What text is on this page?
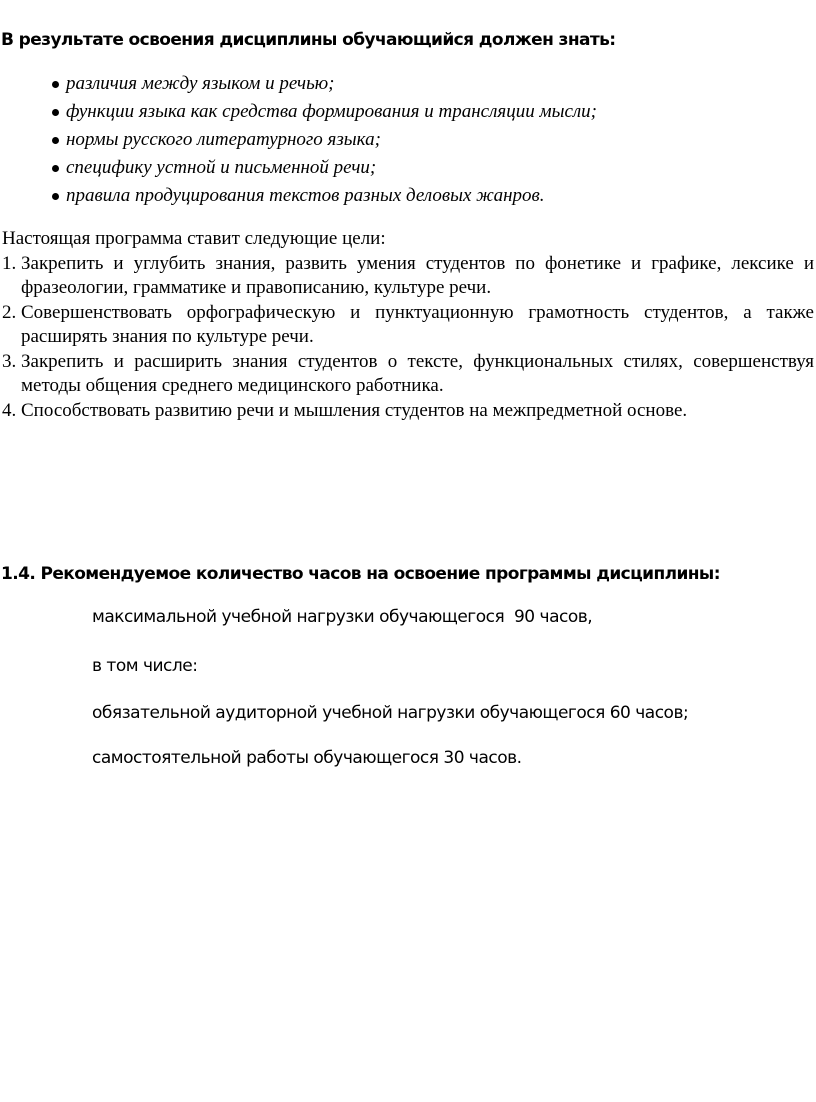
В результате освоения дисциплины обучающийся должен знать:
различия между языком и речью;
функции языка как средства формирования и трансляции мысли;
нормы русского литературного языка;
специфику устной и письменной речи;
правила продуцирования текстов разных деловых жанров.

Настоящая программа ставит следующие цели:

1. Закрепить и углубить знания, развить умения студентов по фонетике и графике, лексике и фразеологии, грамматике и правописанию, культуре речи.
2. Совершенствовать орфографическую и пунктуационную грамотность студентов, а также расширять знания по культуре речи.
3. Закрепить и расширить знания студентов о тексте, функциональных стилях, совершенствуя методы общения среднего медицинского работника.
4. Способствовать развитию речи и мышления студентов на межпредметной основе.
1.4. Рекомендуемое количество часов на освоение программы дисциплины:
максимальной учебной нагрузки обучающегося  90 часов,
в том числе:
обязательной аудиторной учебной нагрузки обучающегося 60 часов;
самостоятельной работы обучающегося 30 часов.
